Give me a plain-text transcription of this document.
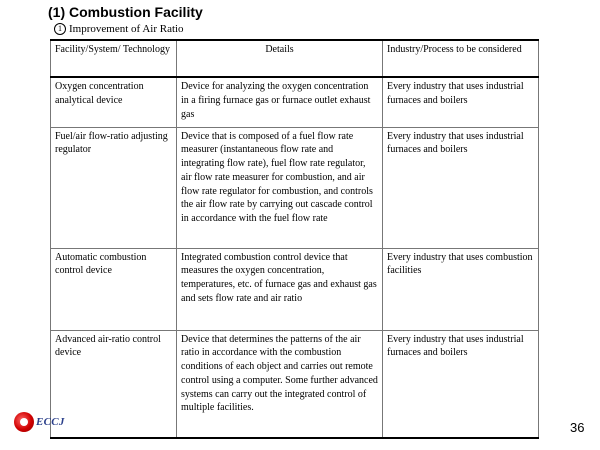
(1) Combustion Facility
1 Improvement of Air Ratio
Facility/System/ Technology	Details	Industry/Process to be considered
Oxygen concentration analytical device	Device for analyzing the oxygen concentration in a firing furnace gas or furnace outlet exhaust gas	Every industry that uses industrial furnaces and boilers
Fuel/air flow-ratio adjusting regulator	Device that is composed of a fuel flow rate measurer (instantaneous flow rate and integrating flow rate), fuel flow rate regulator, air flow rate measurer for combustion, and air flow rate regulator for combustion, and controls the air flow rate by carrying out cascade control in accordance with the fuel flow rate	Every industry that uses industrial furnaces and boilers
Automatic combustion control device	Integrated combustion control device that measures the oxygen concentration, temperatures, etc. of furnace gas and exhaust gas and sets flow rate and air ratio	Every industry that uses combustion facilities
Advanced air-ratio control device	Device that determines the patterns of the air ratio in accordance with the combustion conditions of each object and carries out remote control using a computer. Some further advanced systems can carry out the integrated control of multiple facilities.	Every industry that uses industrial furnaces and boilers
ECCJ	36
